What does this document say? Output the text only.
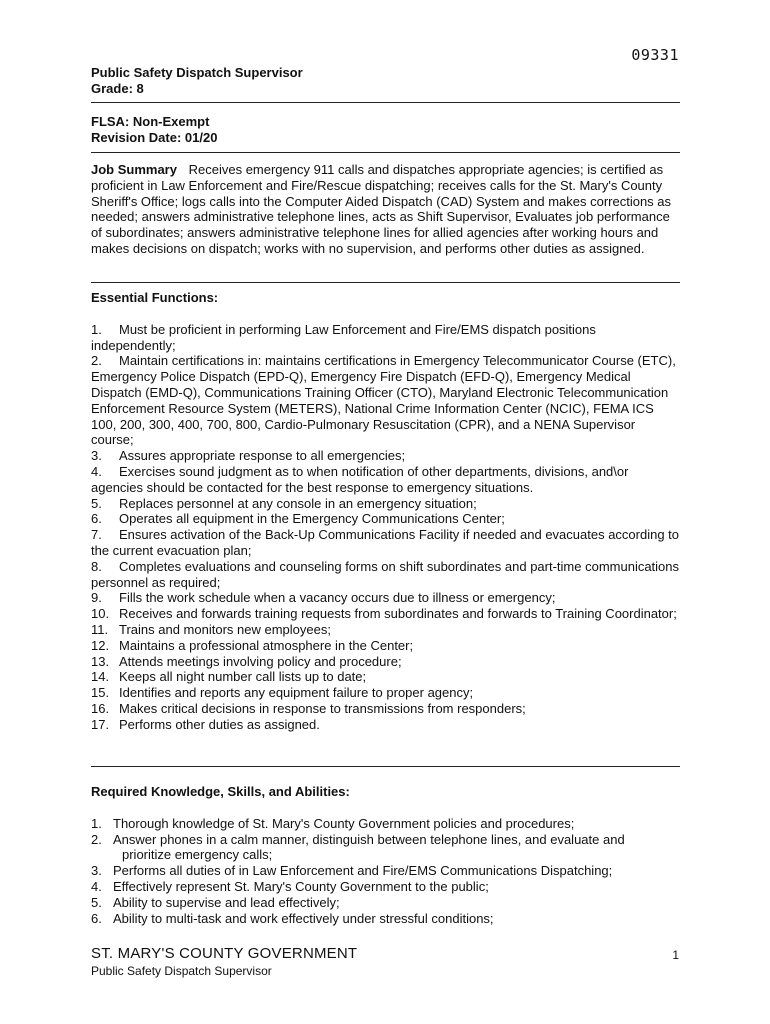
09331
Public Safety Dispatch Supervisor
Grade: 8
FLSA: Non-Exempt
Revision Date: 01/20
Job Summary Receives emergency 911 calls and dispatches appropriate agencies; is certified as proficient in Law Enforcement and Fire/Rescue dispatching; receives calls for the St. Mary's County Sheriff's Office; logs calls into the Computer Aided Dispatch (CAD) System and makes corrections as needed; answers administrative telephone lines, acts as Shift Supervisor, Evaluates job performance of subordinates; answers administrative telephone lines for allied agencies after working hours and makes decisions on dispatch; works with no supervision, and performs other duties as assigned.

Essential Functions:

1. Must be proficient in performing Law Enforcement and Fire/EMS dispatch positions independently;

2. Maintain certifications in: maintains certifications in Emergency Telecommunicator Course (ETC), Emergency Police Dispatch (EPD-Q), Emergency Fire Dispatch (EFD-Q), Emergency Medical Dispatch (EMD-Q), Communications Training Officer (CTO), Maryland Electronic Telecommunication Enforcement Resource System (METERS), National Crime Information Center (NCIC), FEMA ICS 100, 200, 300, 400, 700, 800, Cardio-Pulmonary Resuscitation (CPR), and a NENA Supervisor course;

3. Assures appropriate response to all emergencies;

4. Exercises sound judgment as to when notification of other departments, divisions, and\or agencies should be contacted for the best response to emergency situations.

5. Replaces personnel at any console in an emergency situation;

6. Operates all equipment in the Emergency Communications Center;

7. Ensures activation of the Back-Up Communications Facility if needed and evacuates according to the current evacuation plan;

8. Completes evaluations and counseling forms on shift subordinates and part-time communications personnel as required;

9. Fills the work schedule when a vacancy occurs due to illness or emergency;

10. Receives and forwards training requests from subordinates and forwards to Training Coordinator;

11. Trains and monitors new employees;

12. Maintains a professional atmosphere in the Center;

13. Attends meetings involving policy and procedure;

14. Keeps all night number call lists up to date;

15. Identifies and reports any equipment failure to proper agency;

16. Makes critical decisions in response to transmissions from responders;

17. Performs other duties as assigned.

Required Knowledge, Skills, and Abilities:

1. Thorough knowledge of St. Mary's County Government policies and procedures;

2. Answer phones in a calm manner, distinguish between telephone lines, and evaluate and

prioritize emergency calls;

3. Performs all duties of in Law Enforcement and Fire/EMS Communications Dispatching;

4. Effectively represent St. Mary's County Government to the public;

5. Ability to supervise and lead effectively;

6. Ability to multi-task and work effectively under stressful conditions;

ST. MARY'S COUNTY GOVERNMENT
Public Safety Dispatch Supervisor
1
